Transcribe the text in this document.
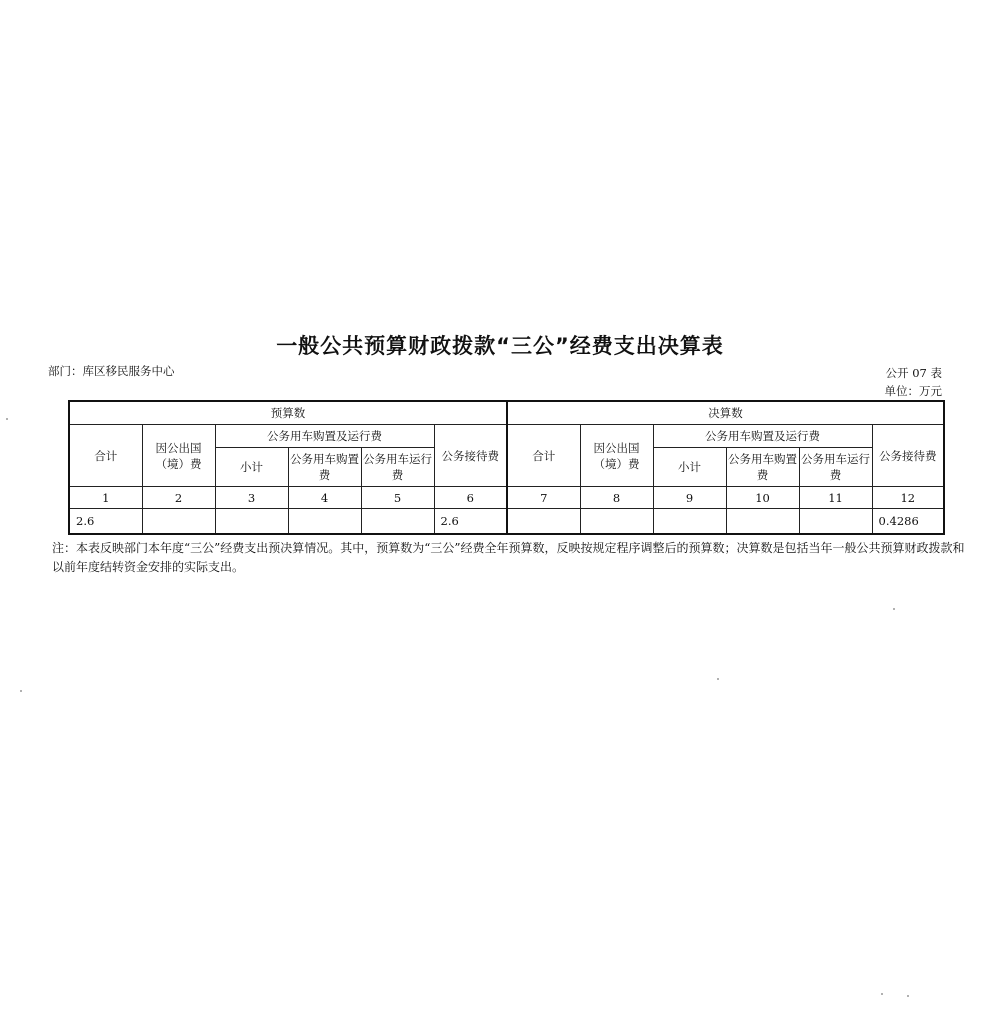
一般公共预算财政拨款“三公”经费支出决算表
部门：库区移民服务中心	公开 07 表
单位：万元
预算数						决算数					
合计	因公出国（境）费	公务用车购置及运行费			公务接待费	合计	因公出国（境）费	公务用车购置及运行费			公务接待费
		小计	公务用车购置费	公务用车运行费				小计	公务用车购置费	公务用车运行费	
1	2	3	4	5	6	7	8	9	10	11	12
2.6					2.6						0.4286
注：本表反映部门本年度“三公”经费支出预决算情况。其中，预算数为“三公”经费全年预算数，反映按规定程序调整后的预算数；决算数是包括当年一般公共预算财政拨款和以前年度结转资金安排的实际支出。
